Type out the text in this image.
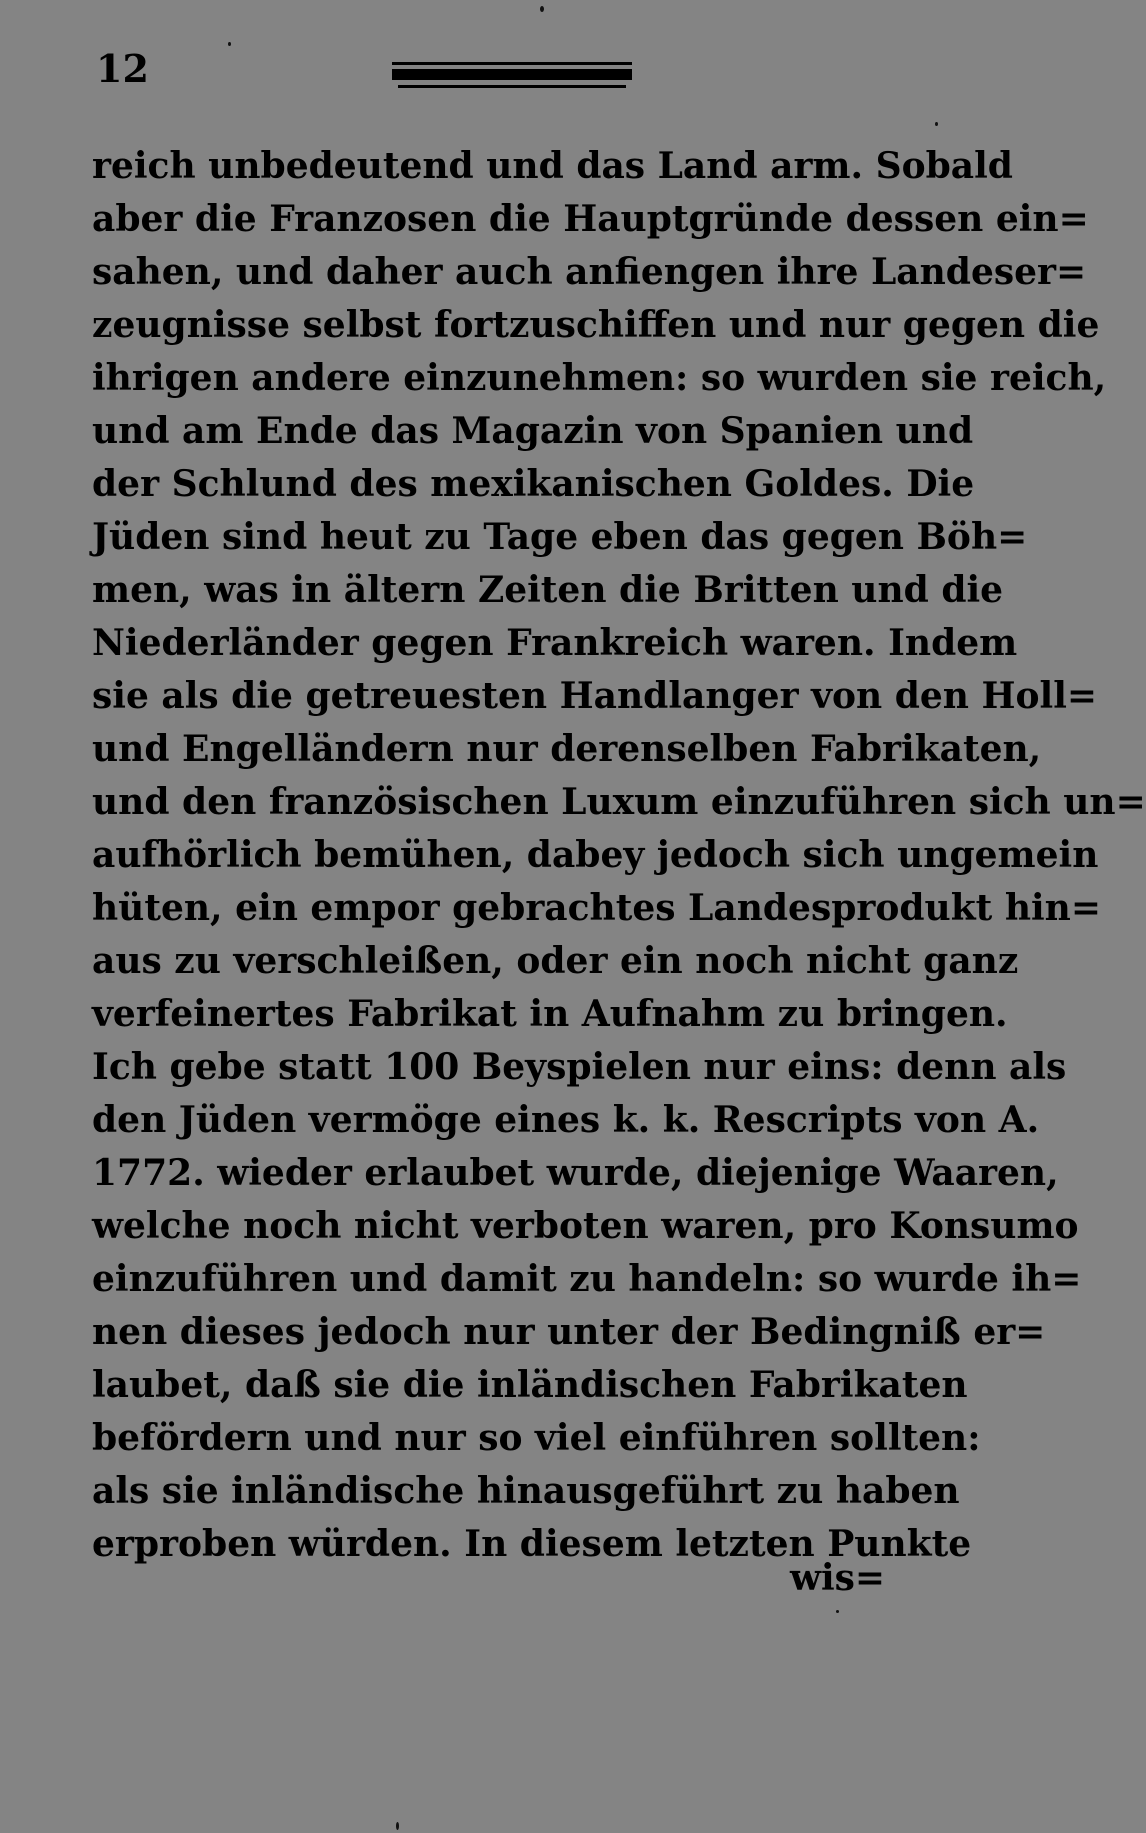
12
reich unbedeutend und das Land arm. Sobald
aber die Franzosen die Hauptgründe dessen ein=
sahen, und daher auch anfiengen ihre Landeser=
zeugnisse selbst fortzuschiffen und nur gegen die
ihrigen andere einzunehmen: so wurden sie reich,
und am Ende das Magazin von Spanien und
der Schlund des mexikanischen Goldes. Die
Jüden sind heut zu Tage eben das gegen Böh=
men, was in ältern Zeiten die Britten und die
Niederländer gegen Frankreich waren. Indem
sie als die getreuesten Handlanger von den Holl=
und Engelländern nur derenselben Fabrikaten,
und den französischen Luxum einzuführen sich un=
aufhörlich bemühen, dabey jedoch sich ungemein
hüten, ein empor gebrachtes Landesprodukt hin=
aus zu verschleißen, oder ein noch nicht ganz
verfeinertes Fabrikat in Aufnahm zu bringen.
Ich gebe statt 100 Beyspielen nur eins: denn als
den Jüden vermöge eines k. k. Rescripts von A.
1772. wieder erlaubet wurde, diejenige Waaren,
welche noch nicht verboten waren, pro Konsumo
einzuführen und damit zu handeln: so wurde ih=
nen dieses jedoch nur unter der Bedingniß er=
laubet, daß sie die inländischen Fabrikaten
befördern und nur so viel einführen sollten:
als sie inländische hinausgeführt zu haben
erproben würden. In diesem letzten Punkte
wis=
